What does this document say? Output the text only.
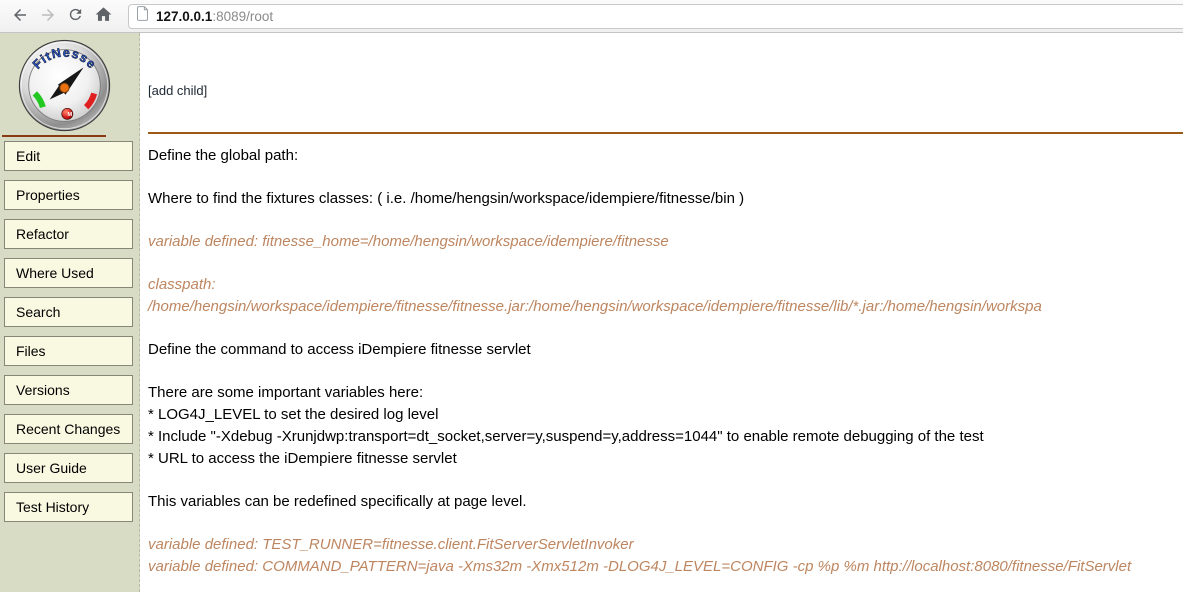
127.0.0.1 :8089/root
FitNesse
M
Edit
Properties
Refactor
Where Used
Search
Files
Versions
Recent Changes
User Guide
Test History
[add child]

Define the global path:

Where to find the fixtures classes: ( i.e. /home/hengsin/workspace/idempiere/fitnesse/bin )

variable defined: fitnesse_home=/home/hengsin/workspace/idempiere/fitnesse

classpath:
/home/hengsin/workspace/idempiere/fitnesse/fitnesse.jar:/home/hengsin/workspace/idempiere/fitnesse/lib/*.jar:/home/hengsin/workspa

Define the command to access iDempiere fitnesse servlet

There are some important variables here:
* LOG4J_LEVEL to set the desired log level
* Include "-Xdebug -Xrunjdwp:transport=dt_socket,server=y,suspend=y,address=1044" to enable remote debugging of the test
* URL to access the iDempiere fitnesse servlet

This variables can be redefined specifically at page level.

variable defined: TEST_RUNNER=fitnesse.client.FitServerServletInvoker
variable defined: COMMAND_PATTERN=java -Xms32m -Xmx512m -DLOG4J_LEVEL=CONFIG -cp %p %m http://localhost:8080/fitnesse/FitServlet
